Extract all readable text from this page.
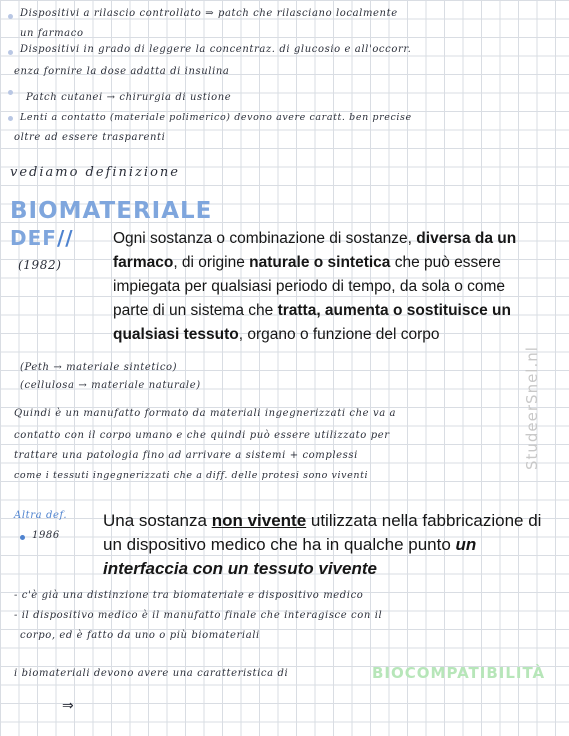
Dispositivi a rilascio controllato ⇒ patch che rilasciano localmente
un farmaco
Dispositivi in grado di leggere la concentraz. di glucosio e all'occorr.
enza fornire la dose adatta di insulina
Patch cutanei → chirurgia di ustione
Lenti a contatto (materiale polimerico) devono avere caratt. ben precise
oltre ad essere trasparenti
vediamo definizione
BIOMATERIALE
DEF//
(1982)
Ogni sostanza o combinazione di sostanze, diversa da un farmaco, di origine naturale o sintetica che può essere impiegata per qualsiasi periodo di tempo, da sola o come parte di un sistema che tratta, aumenta o sostituisce un qualsiasi tessuto, organo o funzione del corpo
(Peth → materiale sintetico)
(cellulosa → materiale naturale)
Quindi è un manufatto formato da materiali ingegnerizzati che va a
contatto con il corpo umano e che quindi può essere utilizzato per
trattare una patologia fino ad arrivare a sistemi + complessi
come i tessuti ingegnerizzati che a diff. delle protesi sono viventi
Altra def.
1986
Una sostanza non vivente utilizzata nella fabbricazione di un dispositivo medico che ha in qualche punto un interfaccia con un tessuto vivente
- c'è già una distinzione tra biomateriale e dispositivo medico
- il dispositivo medico è il manufatto finale che interagisce con il
corpo, ed è fatto da uno o più biomateriali
i biomateriali devono avere una caratteristica di	BIOCOMPATIBILITÀ
⇒
StudeerSnel.nl
